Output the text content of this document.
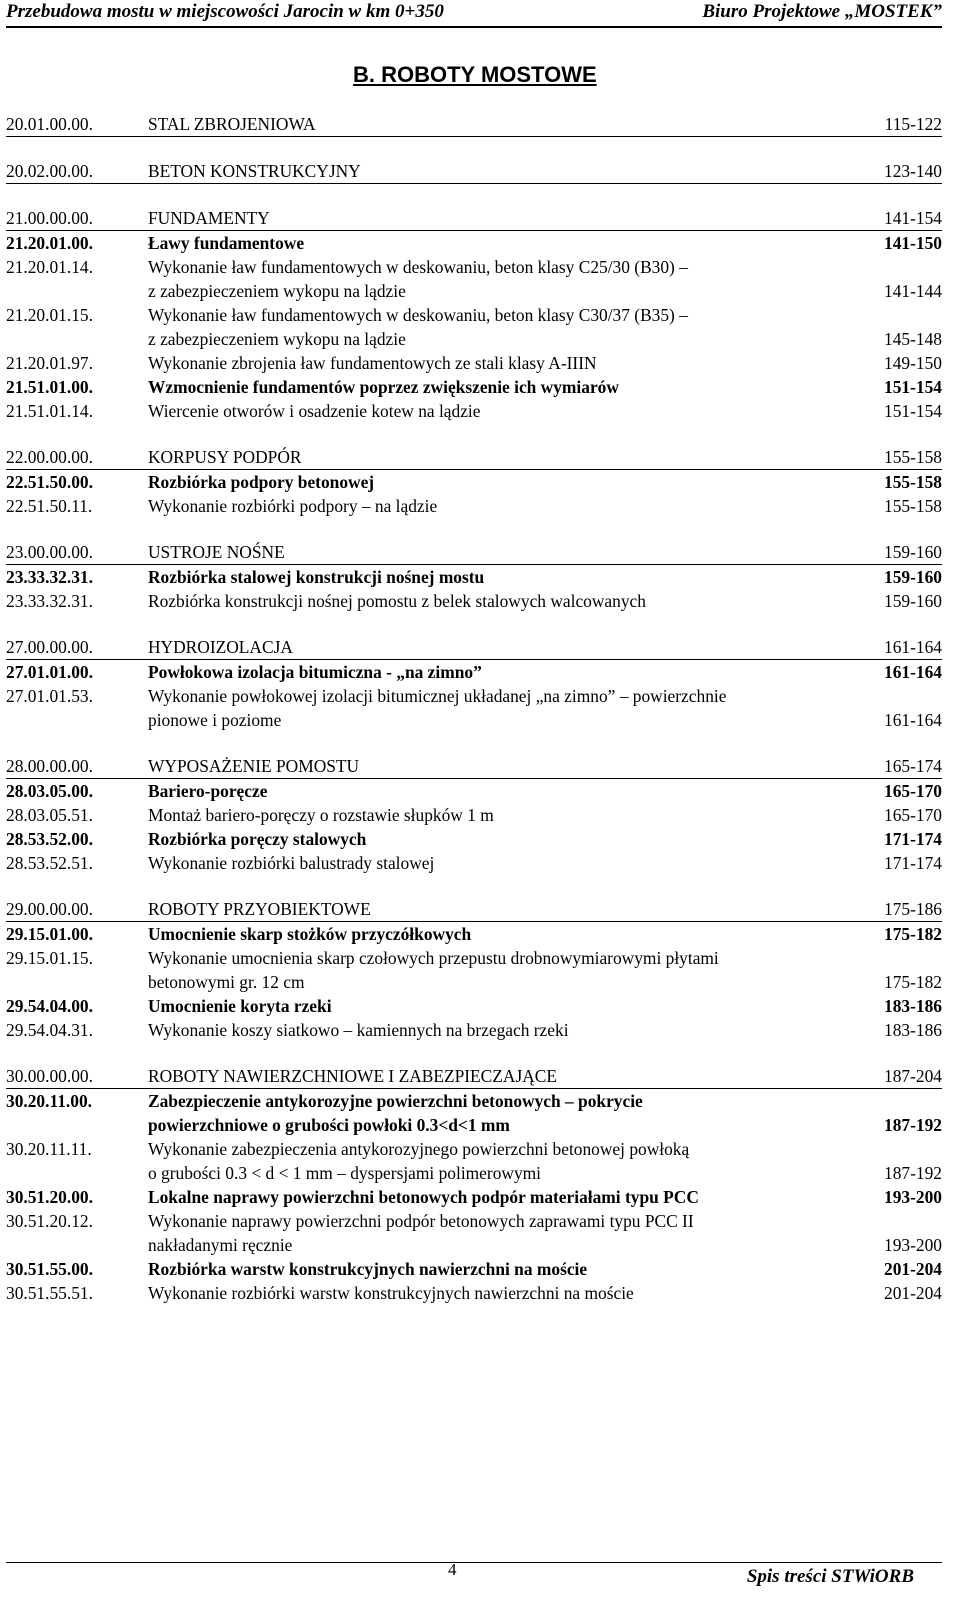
Przebudowa mostu w miejscowości Jarocin w km 0+350	Biuro Projektowe „MOSTEK”
B. ROBOTY MOSTOWE
20.01.00.00.	STAL ZBROJENIOWA	115-122
20.02.00.00.	BETON KONSTRUKCYJNY	123-140
21.00.00.00.	FUNDAMENTY	141-154
21.20.01.00.	Ławy fundamentowe	141-150
21.20.01.14.	Wykonanie ław fundamentowych w deskowaniu, beton klasy C25/30 (B30) –
z zabezpieczeniem wykopu na lądzie	141-144
21.20.01.15.	Wykonanie ław fundamentowych w deskowaniu, beton klasy C30/37 (B35) –
z zabezpieczeniem wykopu na lądzie	145-148
21.20.01.97.	Wykonanie zbrojenia ław fundamentowych ze stali klasy A-IIIN	149-150
21.51.01.00.	Wzmocnienie fundamentów poprzez zwiększenie ich wymiarów	151-154
21.51.01.14.	Wiercenie otworów i osadzenie kotew na lądzie	151-154
22.00.00.00.	KORPUSY PODPÓR	155-158
22.51.50.00.	Rozbiórka podpory betonowej	155-158
22.51.50.11.	Wykonanie rozbiórki podpory – na lądzie	155-158
23.00.00.00.	USTROJE NOŚNE	159-160
23.33.32.31.	Rozbiórka stalowej konstrukcji nośnej mostu	159-160
23.33.32.31.	Rozbiórka konstrukcji nośnej pomostu z belek stalowych walcowanych	159-160
27.00.00.00.	HYDROIZOLACJA	161-164
27.01.01.00.	Powłokowa izolacja bitumiczna - „na zimno”	161-164
27.01.01.53.	Wykonanie powłokowej izolacji bitumicznej układanej „na zimno” – powierzchnie
pionowe i poziome	161-164
28.00.00.00.	WYPOSAŻENIE POMOSTU	165-174
28.03.05.00.	Bariero-poręcze	165-170
28.03.05.51.	Montaż bariero-poręczy o rozstawie słupków 1 m	165-170
28.53.52.00.	Rozbiórka poręczy stalowych	171-174
28.53.52.51.	Wykonanie rozbiórki balustrady stalowej	171-174
29.00.00.00.	ROBOTY PRZYOBIEKTOWE	175-186
29.15.01.00.	Umocnienie skarp stożków przyczółkowych	175-182
29.15.01.15.	Wykonanie umocnienia skarp czołowych przepustu drobnowymiarowymi płytami
betonowymi gr. 12 cm	175-182
29.54.04.00.	Umocnienie koryta rzeki	183-186
29.54.04.31.	Wykonanie koszy siatkowo – kamiennych na brzegach rzeki	183-186
30.00.00.00.	ROBOTY NAWIERZCHNIOWE I ZABEZPIECZAJĄCE	187-204
30.20.11.00.	Zabezpieczenie antykorozyjne powierzchni betonowych – pokrycie
powierzchniowe o grubości powłoki 0.3<d<1 mm	187-192
30.20.11.11.	Wykonanie zabezpieczenia antykorozyjnego powierzchni betonowej powłoką
o grubości 0.3 < d < 1 mm – dyspersjami polimerowymi	187-192
30.51.20.00.	Lokalne naprawy powierzchni betonowych podpór materiałami typu PCC	193-200
30.51.20.12.	Wykonanie naprawy powierzchni podpór betonowych zaprawami typu PCC II
nakładanymi ręcznie	193-200
30.51.55.00.	Rozbiórka warstw konstrukcyjnych nawierzchni na moście	201-204
30.51.55.51.	Wykonanie rozbiórki warstw konstrukcyjnych nawierzchni na moście	201-204
4	Spis treści STWiORB
